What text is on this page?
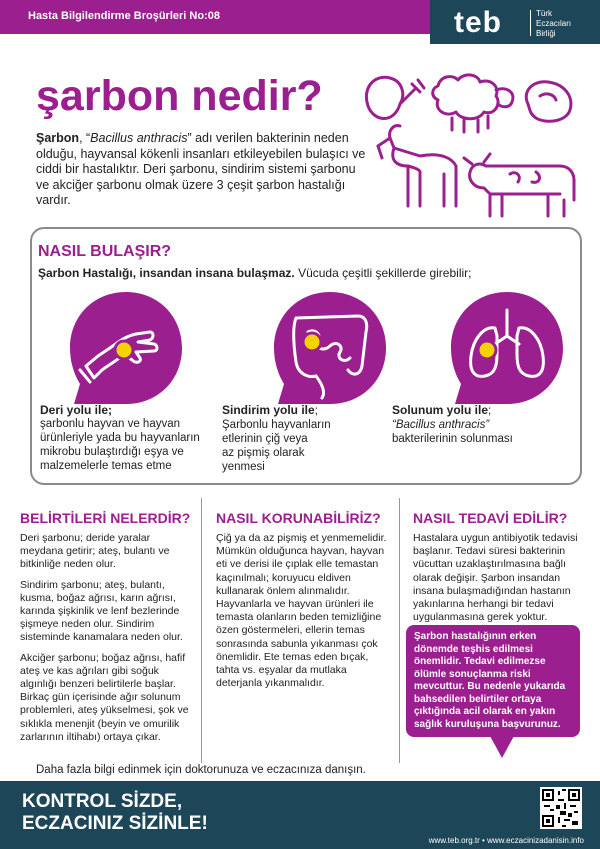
Hasta Bilgilendirme Broşürleri No:08	teb	Türk
Eczacıları
Birliği
şarbon nedir?
Şarbon, “Bacillus anthracis” adı verilen bakterinin neden olduğu, hayvansal kökenli insanları etkileyebilen bulaşıcı ve ciddi bir hastalıktır. Deri şarbonu, sindirim sistemi şarbonu ve akciğer şarbonu olmak üzere 3 çeşit şarbon hastalığı vardır.
NASIL BULAŞIR?
Şarbon Hastalığı, insandan insana bulaşmaz. Vücuda çeşitli şekillerde girebilir;
Deri yolu ile;
şarbonlu hayvan ve hayvan
ürünleriyle yada bu hayvanların
mikrobu bulaştırdığı eşya ve
malzemelerle temas etme
Sindirim yolu ile;
Şarbonlu hayvanların
etlerinin çiğ veya
az pişmiş olarak
yenmesi
Solunum yolu ile;
“Bacillus anthracis”
bakterilerinin solunması
BELİRTİLERİ NELERDİR?

Deri şarbonu; deride yaralar meydana getirir; ateş, bulantı ve bitkinliğe neden olur.

Sindirim şarbonu; ateş, bulantı, kusma, boğaz ağrısı, karın ağrısı, karında şişkinlik ve lenf bezlerinde şişmeye neden olur. Sindirim sisteminde kanamalara neden olur.

Akciğer şarbonu; boğaz ağrısı, hafif ateş ve kas ağrıları gibi soğuk algınlığı benzeri belirtilerle başlar. Birkaç gün içerisinde ağır solunum problemleri, ateş yükselmesi, şok ve sıklıkla menenjit (beyin ve omurilik zarlarının iltihabı) ortaya çıkar.

NASIL KORUNABİLİRİZ?

Çiğ ya da az pişmiş et yenmemelidir. Mümkün olduğunca hayvan, hayvan eti ve derisi ile çıplak elle temastan kaçınılmalı; koruyucu eldiven kullanarak önlem alınmalıdır. Hayvanlarla ve hayvan ürünleri ile temasta olanların beden temizliğine özen göstermeleri, ellerin temas sonrasında sabunla yıkanması çok önemlidir. Ete temas eden bıçak, tahta vs. eşyalar da mutlaka deterjanla yıkanmalıdır.

NASIL TEDAVİ EDİLİR?

Hastalara uygun antibiyotik tedavisi başlanır. Tedavi süresi bakterinin vücuttan uzaklaştırılmasına bağlı olarak değişir. Şarbon insandan insana bulaşmadığından hastanın yakınlarına herhangi bir tedavi uygulanmasına gerek yoktur.

Şarbon hastalığının erken dönemde teşhis edilmesi önemlidir. Tedavi edilmezse ölümle sonuçlanma riski mevcuttur. Bu nedenle yukarıda bahsedilen belirtiler ortaya çıktığında acil olarak en yakın sağlık kuruluşuna başvurunuz.
Daha fazla bilgi edinmek için doktorunuza ve eczacınıza danışın.
KONTROL SİZDE,
ECZACINIZ SİZİNLE!
www.teb.org.tr • www.eczacinizadanisin.info
